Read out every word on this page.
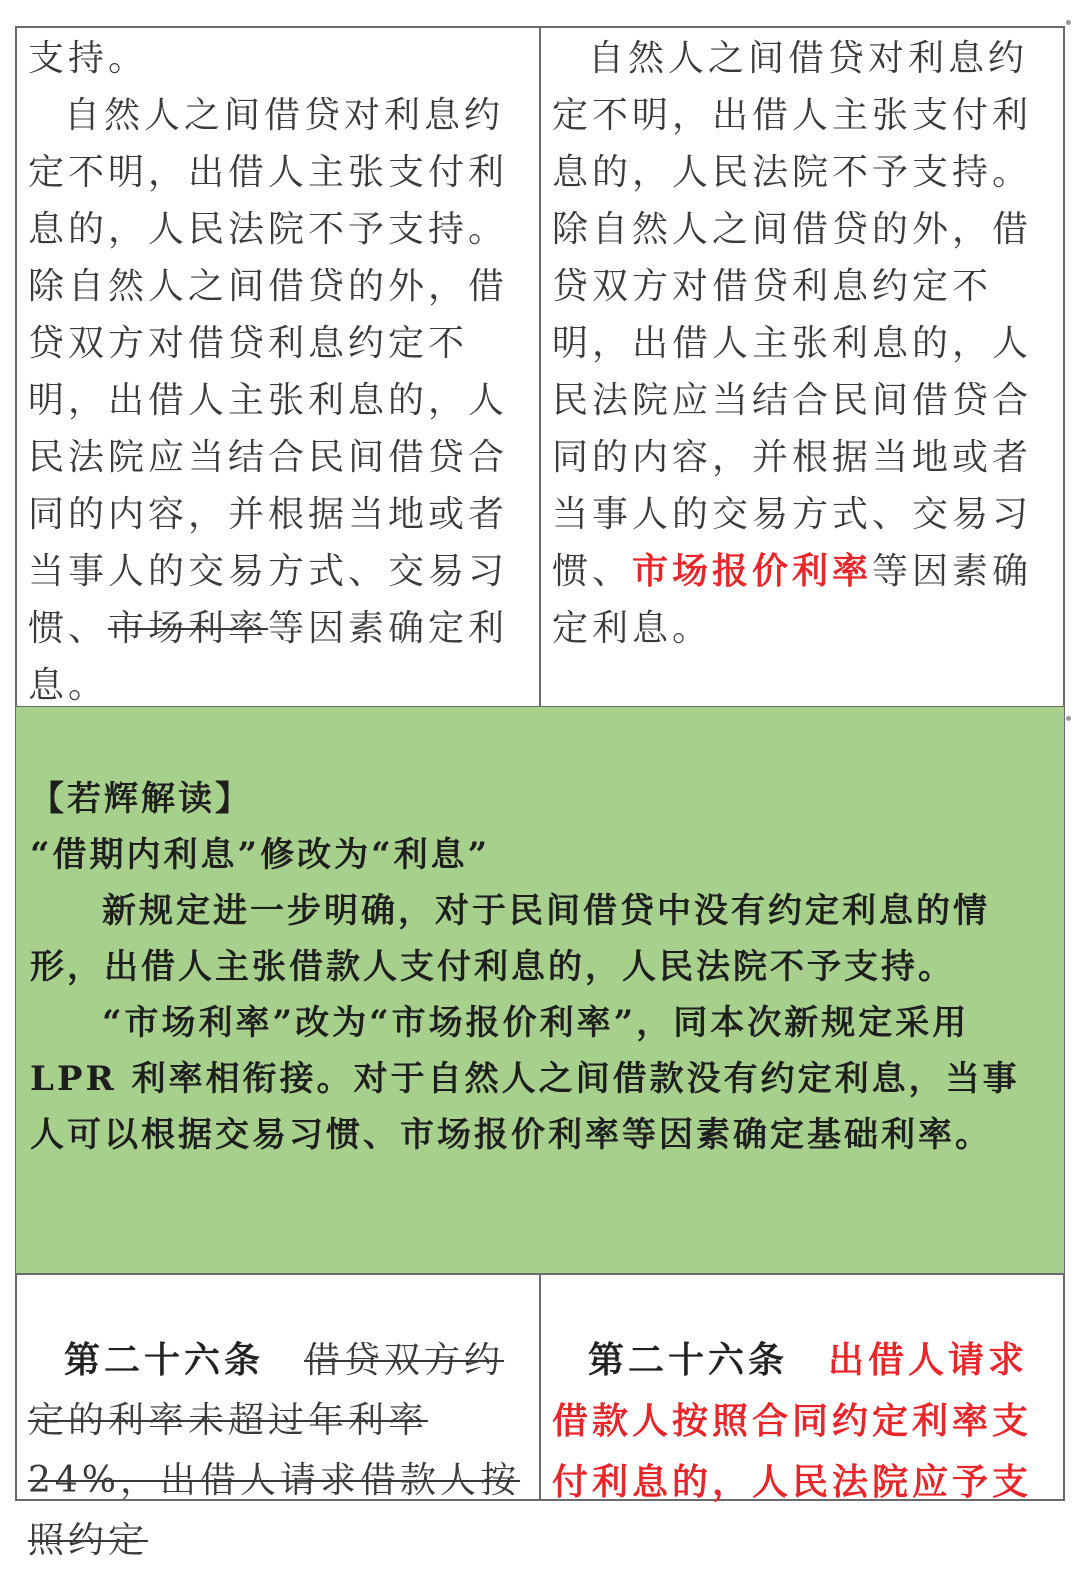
支持。

自然人之间借贷对利息约定不明，出借人主张支付利息的，人民法院不予支持。除自然人之间借贷的外，借贷双方对借贷利息约定不明，出借人主张利息的，人民法院应当结合民间借贷合同的内容，并根据当地或者当事人的交易方式、交易习惯、市场利率等因素确定利息。

自然人之间借贷对利息约定不明，出借人主张支付利息的，人民法院不予支持。除自然人之间借贷的外，借贷双方对借贷利息约定不明，出借人主张利息的，人民法院应当结合民间借贷合同的内容，并根据当地或者当事人的交易方式、交易习惯、市场报价利率等因素确定利息。

【若辉解读】

“借期内利息”修改为“利息”

新规定进一步明确，对于民间借贷中没有约定利息的情形，出借人主张借款人支付利息的，人民法院不予支持。

“市场利率”改为“市场报价利率”，同本次新规定采用 LPR 利率相衔接。对于自然人之间借款没有约定利息，当事人可以根据交易习惯、市场报价利率等因素确定基础利率。

第二十六条　 借贷双方约定的利率未超过年利率 24%，出借人请求借款人按照约定

第二十六条　 出借人请求借款人按照合同约定利率支付利息的，人民法院应予支
